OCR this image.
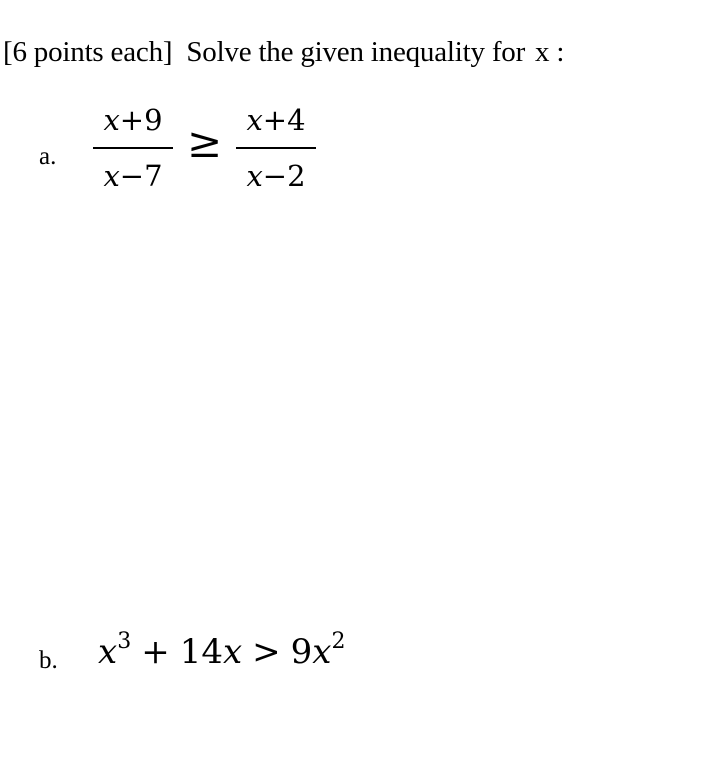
[6 points each] Solve the given inequality for x :
a.
x+9
x−7
≥ x+4
x−2
b. $x^3 + 14x > 9x^2$
